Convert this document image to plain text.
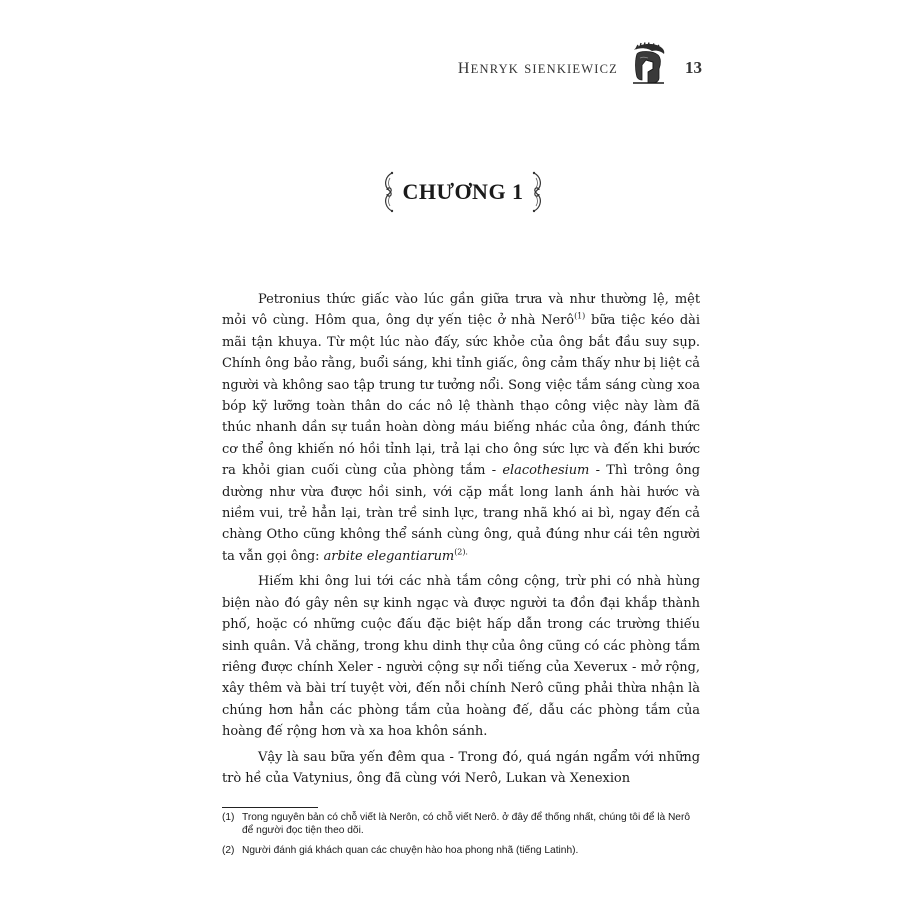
HENRYK SIENKIEWICZ	13
CHƯƠNG 1

Petronius thức giấc vào lúc gần giữa trưa và như thường lệ, mệt mỏi vô cùng. Hôm qua, ông dự yến tiệc ở nhà Nerô$^{(1)}$ bữa tiệc kéo dài mãi tận khuya. Từ một lúc nào đấy, sức khỏe của ông bắt đầu suy sụp. Chính ông bảo rằng, buổi sáng, khi tỉnh giấc, ông cảm thấy như bị liệt cả người và không sao tập trung tư tưởng nổi. Song việc tắm sáng cùng xoa bóp kỹ lưỡng toàn thân do các nô lệ thành thạo công việc này làm đã thúc nhanh dần sự tuần hoàn dòng máu biếng nhác của ông, đánh thức cơ thể ông khiến nó hồi tỉnh lại, trả lại cho ông sức lực và đến khi bước ra khỏi gian cuối cùng của phòng tắm - elacothesium - Thì trông ông dường như vừa được hồi sinh, với cặp mắt long lanh ánh hài hước và niềm vui, trẻ hẳn lại, tràn trề sinh lực, trang nhã khó ai bì, ngay đến cả chàng Otho cũng không thể sánh cùng ông, quả đúng như cái tên người ta vẫn gọi ông: arbite elegantiarum$^{(2).}$

Hiếm khi ông lui tới các nhà tắm công cộng, trừ phi có nhà hùng biện nào đó gây nên sự kinh ngạc và được người ta đồn đại khắp thành phố, hoặc có những cuộc đấu đặc biệt hấp dẫn trong các trường thiếu sinh quân. Vả chăng, trong khu dinh thự của ông cũng có các phòng tắm riêng được chính Xeler - người cộng sự nổi tiếng của Xeverux - mở rộng, xây thêm và bài trí tuyệt vời, đến nỗi chính Nerô cũng phải thừa nhận là chúng hơn hẳn các phòng tắm của hoàng đế, dẫu các phòng tắm của hoàng đế rộng hơn và xa hoa khôn sánh.

Vậy là sau bữa yến đêm qua - Trong đó, quá ngán ngẩm với những trò hề của Vatynius, ông đã cùng với Nerô, Lukan và Xenexion

(1) Trong nguyên bản có chỗ viết là Nerôn, có chỗ viết Nerô. ở đây để thống nhất, chúng tôi để là Nerô để người đọc tiện theo dõi.
(2) Người đánh giá khách quan các chuyện hào hoa phong nhã (tiếng Latinh).
